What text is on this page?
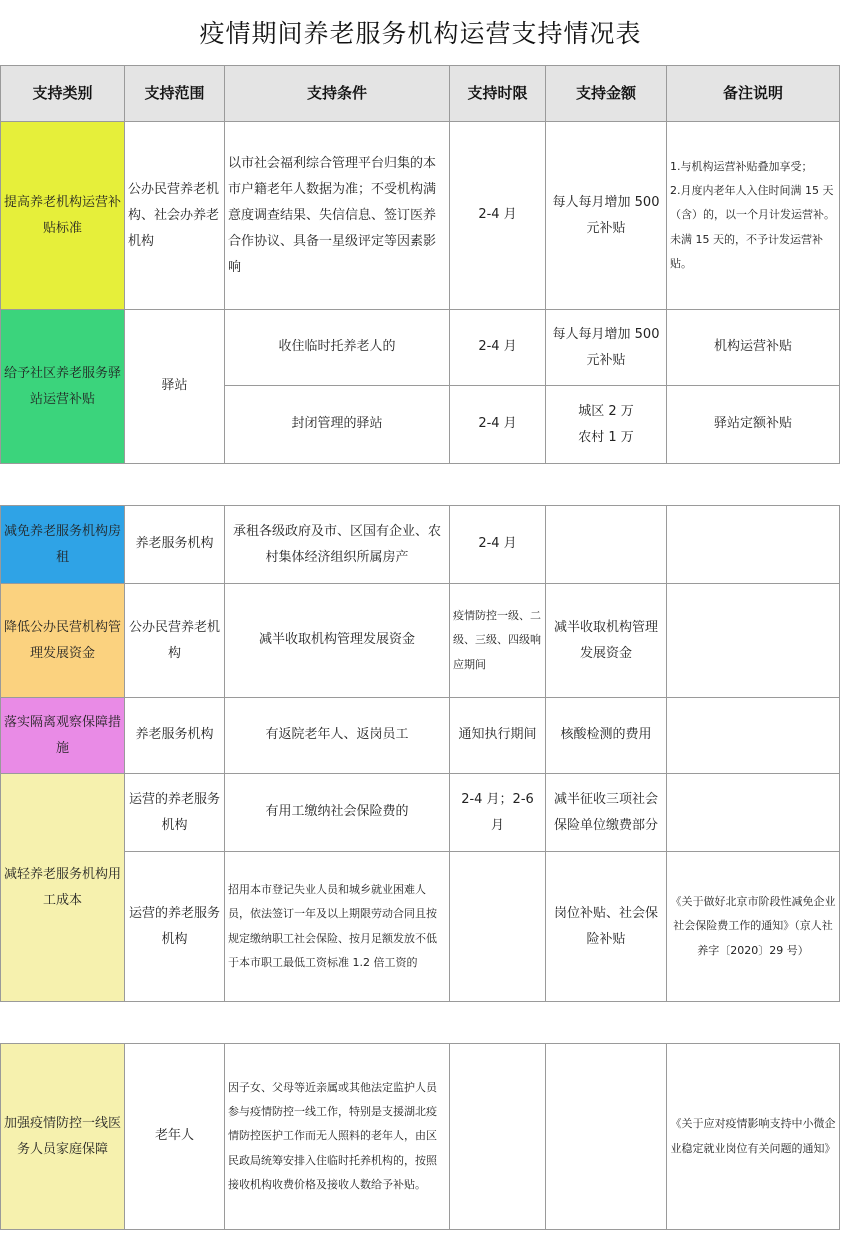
疫情期间养老服务机构运营支持情况表
支持类别	支持范围	支持条件	支持时限	支持金额	备注说明
提高养老机构运营补贴标准	公办民营养老机构、社会办养老机构	以市社会福利综合管理平台归集的本市户籍老年人数据为准；不受机构满意度调查结果、失信信息、签订医养合作协议、具备一星级评定等因素影响	2-4 月	每人每月增加 500 元补贴	1.与机构运营补贴叠加享受；
2.月度内老年人入住时间满 15 天（含）的，以一个月计发运营补。未满 15 天的，不予计发运营补贴。

给予社区养老服务驿站运营补贴	驿站	收住临时托养老人的	2-4 月	每人每月增加 500 元补贴	机构运营补贴
		封闭管理的驿站	2-4 月	城区 2 万
农村 1 万	驿站定额补贴
减免养老服务机构房租	养老服务机构	承租各级政府及市、区国有企业、农村集体经济组织所属房产	2-4 月		
降低公办民营机构管理发展资金	公办民营养老机构	减半收取机构管理发展资金	疫情防控一级、二级、三级、四级响应期间	减半收取机构管理发展资金	
落实隔离观察保障措施	养老服务机构	有返院老年人、返岗员工	通知执行期间	核酸检测的费用	
减轻养老服务机构用工成本	运营的养老服务机构	有用工缴纳社会保险费的	2-4 月；2-6 月	减半征收三项社会保险单位缴费部分	
	运营的养老服务机构	招用本市登记失业人员和城乡就业困难人员，依法签订一年及以上期限劳动合同且按规定缴纳职工社会保险、按月足额发放不低于本市职工最低工资标准 1.2 倍工资的		岗位补贴、社会保险补贴	《关于做好北京市阶段性减免企业社会保险费工作的通知》（京人社养字〔2020〕29 号）
加强疫情防控一线医务人员家庭保障	老年人	因子女、父母等近亲属或其他法定监护人员参与疫情防控一线工作，特别是支援湖北疫情防控医护工作而无人照料的老年人，由区民政局统筹安排入住临时托养机构的，按照接收机构收费价格及接收人数给予补贴。			《关于应对疫情影响支持中小微企业稳定就业岗位有关问题的通知》
